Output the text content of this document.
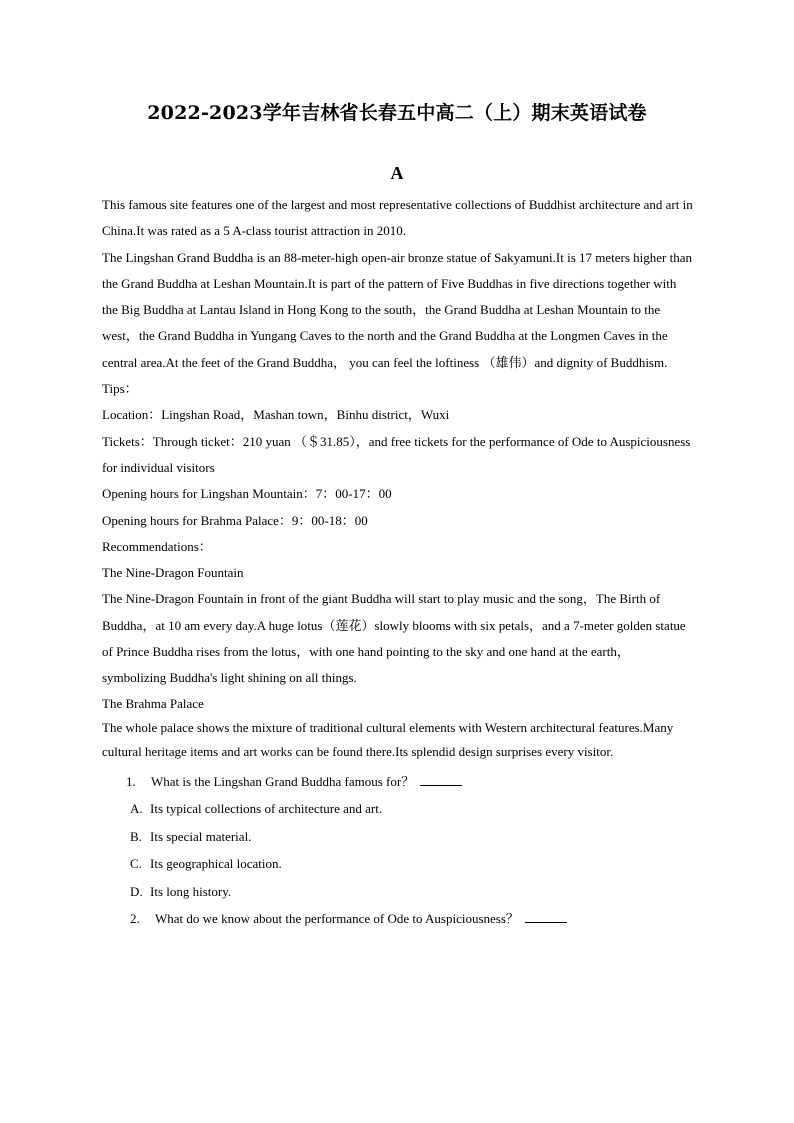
2022-2023学年吉林省长春五中高二（上）期末英语试卷
A

This famous site features one of the largest and most representative collections of Buddhist architecture and art in China.It was rated as a 5 A-class tourist attraction in 2010.

The Lingshan Grand Buddha is an 88-meter-high open-air bronze statue of Sakyamuni.It is 17 meters higher than the Grand Buddha at Leshan Mountain.It is part of the pattern of Five Buddhas in five directions together with the Big Buddha at Lantau Island in Hong Kong to the south，the Grand Buddha at Leshan Mountain to the west，the Grand Buddha in Yungang Caves to the north and the Grand Buddha at the Longmen Caves in the central area.At the feet of the Grand Buddha， you can feel the loftiness （雄伟）and dignity of Buddhism.

Tips：

Location：Lingshan Road，Mashan town，Binhu district，Wuxi

Tickets：Through ticket：210 yuan （＄31.85），and free tickets for the performance of Ode to Auspiciousness for individual visitors

Opening hours for Lingshan Mountain：7：00-17：00

Opening hours for Brahma Palace：9：00-18：00

Recommendations：

The Nine-Dragon Fountain

The Nine-Dragon Fountain in front of the giant Buddha will start to play music and the song，The Birth of Buddha，at 10 am every day.A huge lotus（莲花）slowly blooms with six petals，and a 7-meter golden statue of Prince Buddha rises from the lotus，with one hand pointing to the sky and one hand at the earth，symbolizing Buddha's light shining on all things.

The Brahma Palace

The whole palace shows the mixture of traditional cultural elements with Western architectural features.Many cultural heritage items and art works can be found there.Its splendid design surprises every visitor.

1. What is the Lingshan Grand Buddha famous for？
A. Its typical collections of architecture and art.
B. Its special material.
C. Its geographical location.
D. Its long history.
2. What do we know about the performance of Ode to Auspiciousness？
